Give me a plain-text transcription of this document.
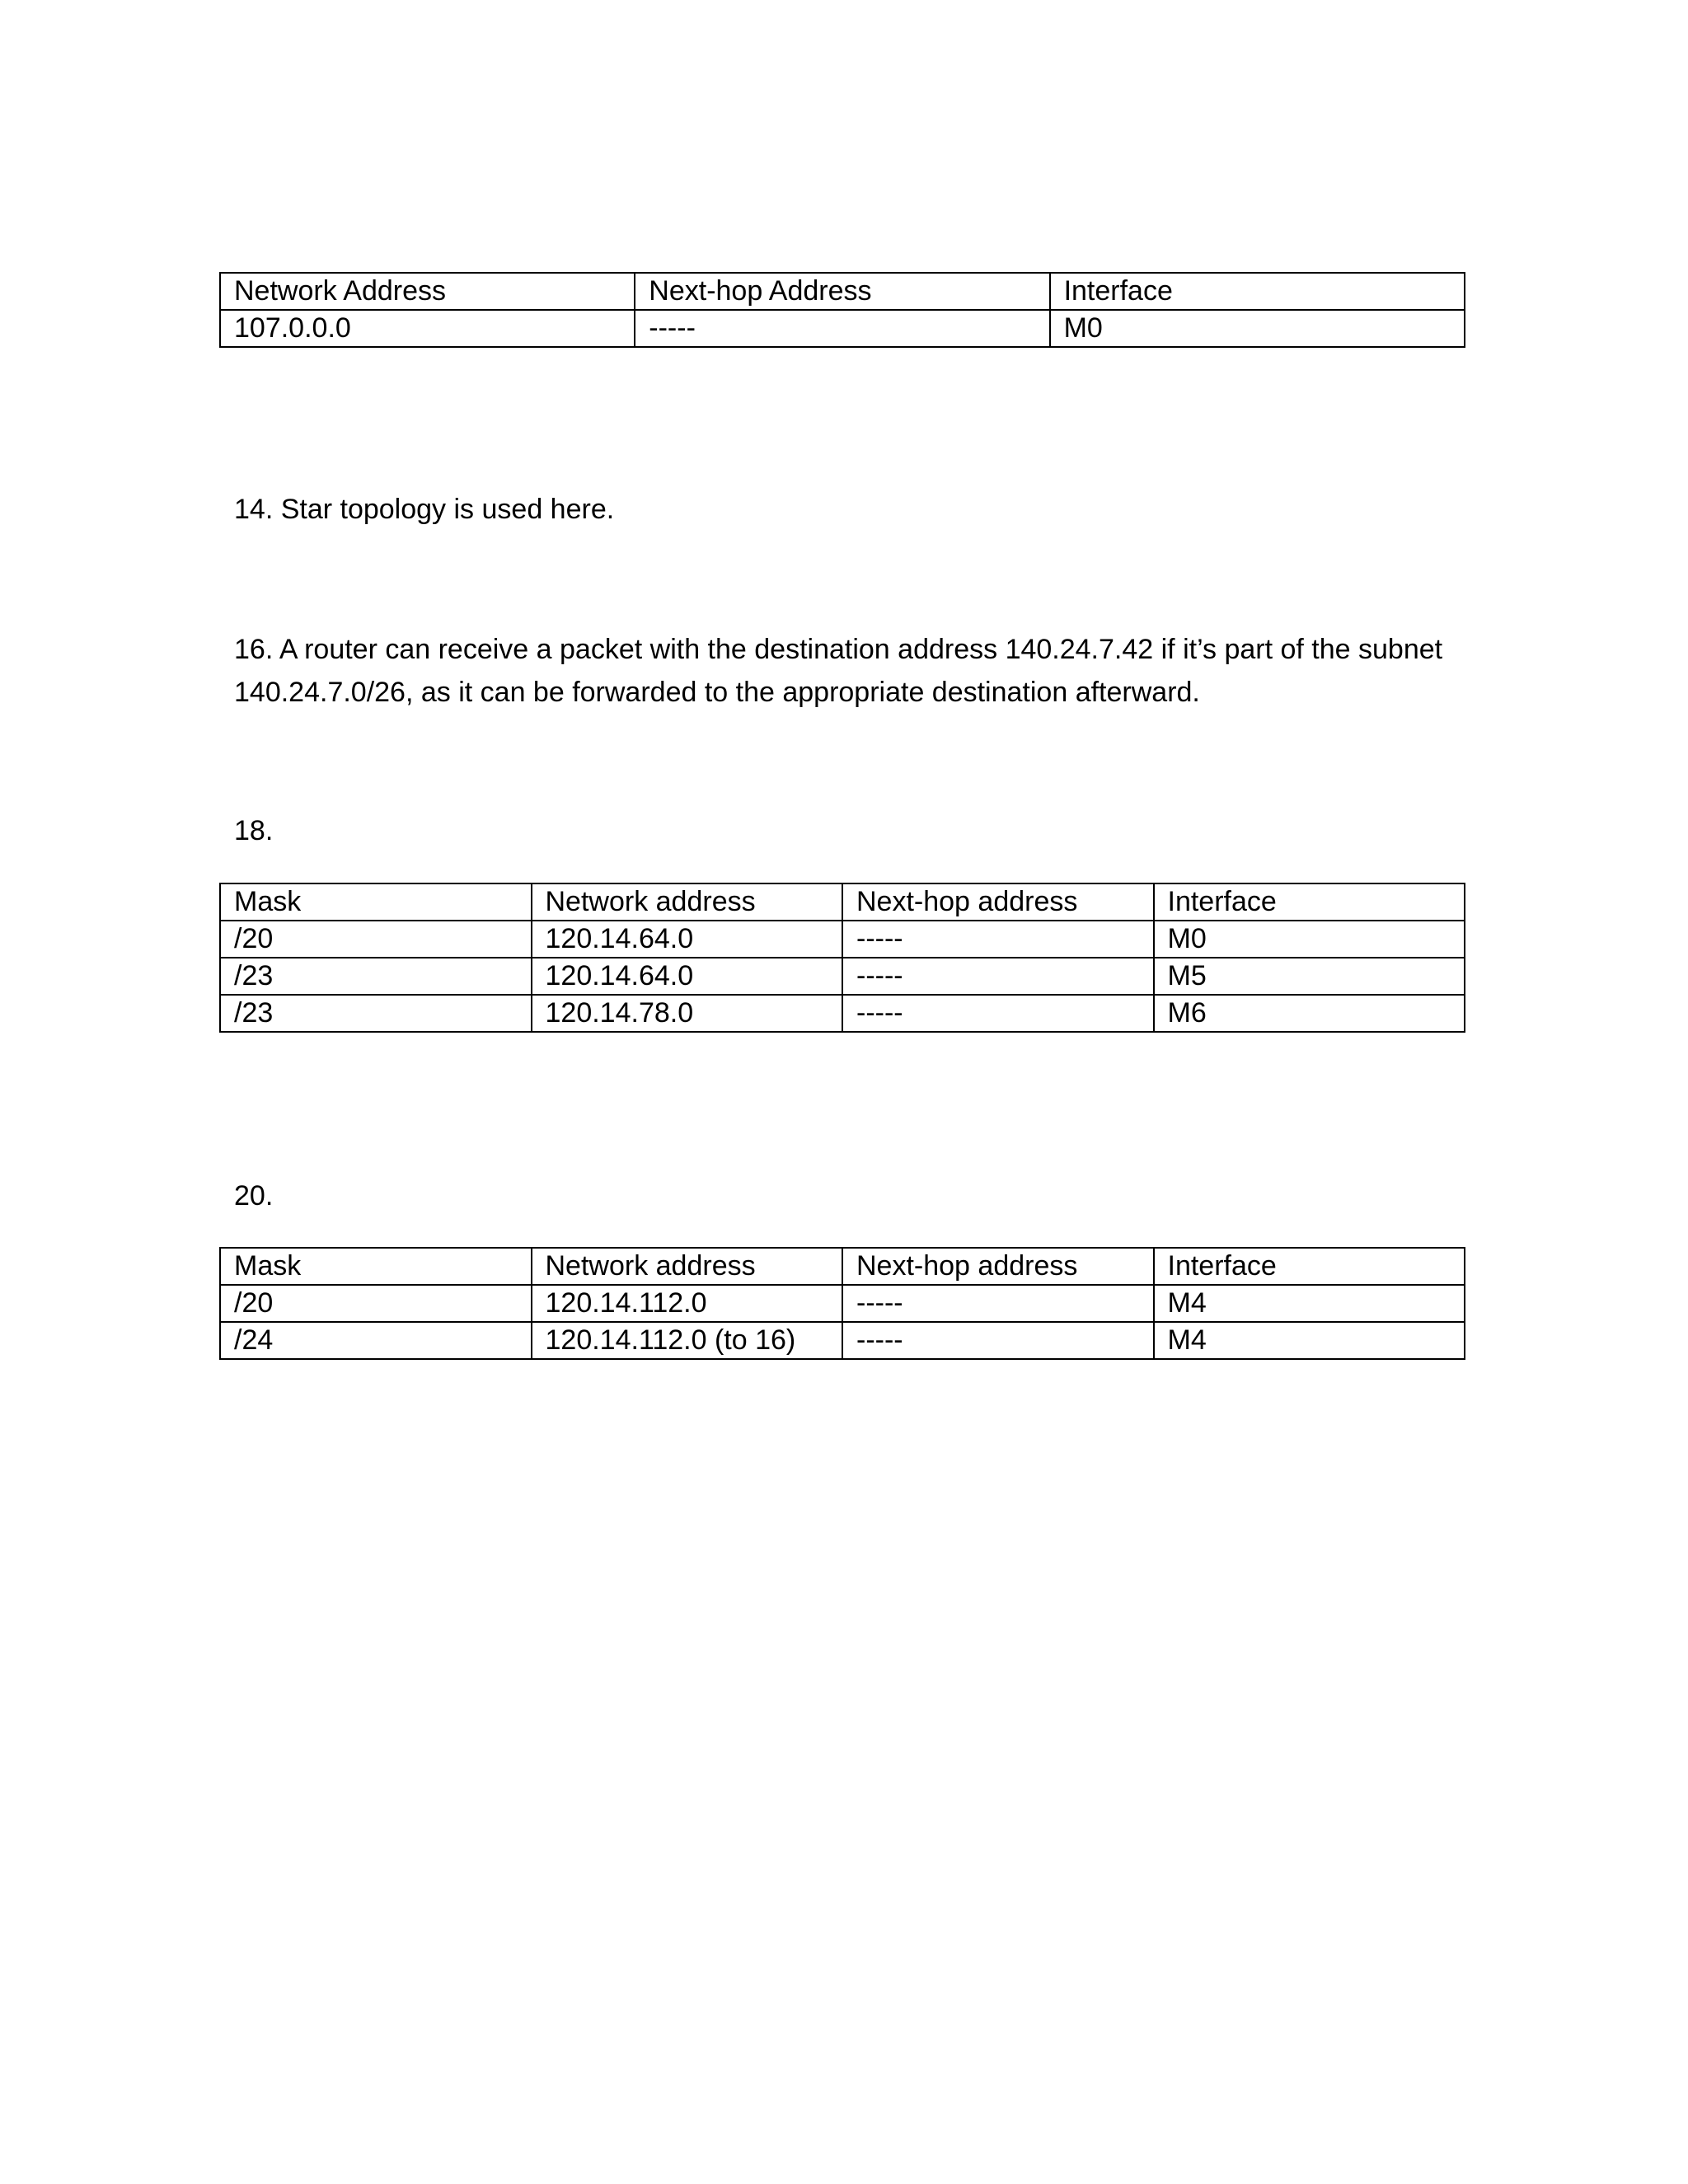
Network Address	Next-hop Address	Interface
107.0.0.0	-----	M0

14. Star topology is used here.

16. A router can receive a packet with the destination address 140.24.7.42 if it’s part of the subnet 140.24.7.0/26, as it can be forwarded to the appropriate destination afterward.

18.

Mask	Network address	Next-hop address	Interface
/20	120.14.64.0	-----	M0
/23	120.14.64.0	-----	M5
/23	120.14.78.0	-----	M6

20.

Mask	Network address	Next-hop address	Interface
/20	120.14.112.0	-----	M4
/24	120.14.112.0 (to 16)	-----	M4
